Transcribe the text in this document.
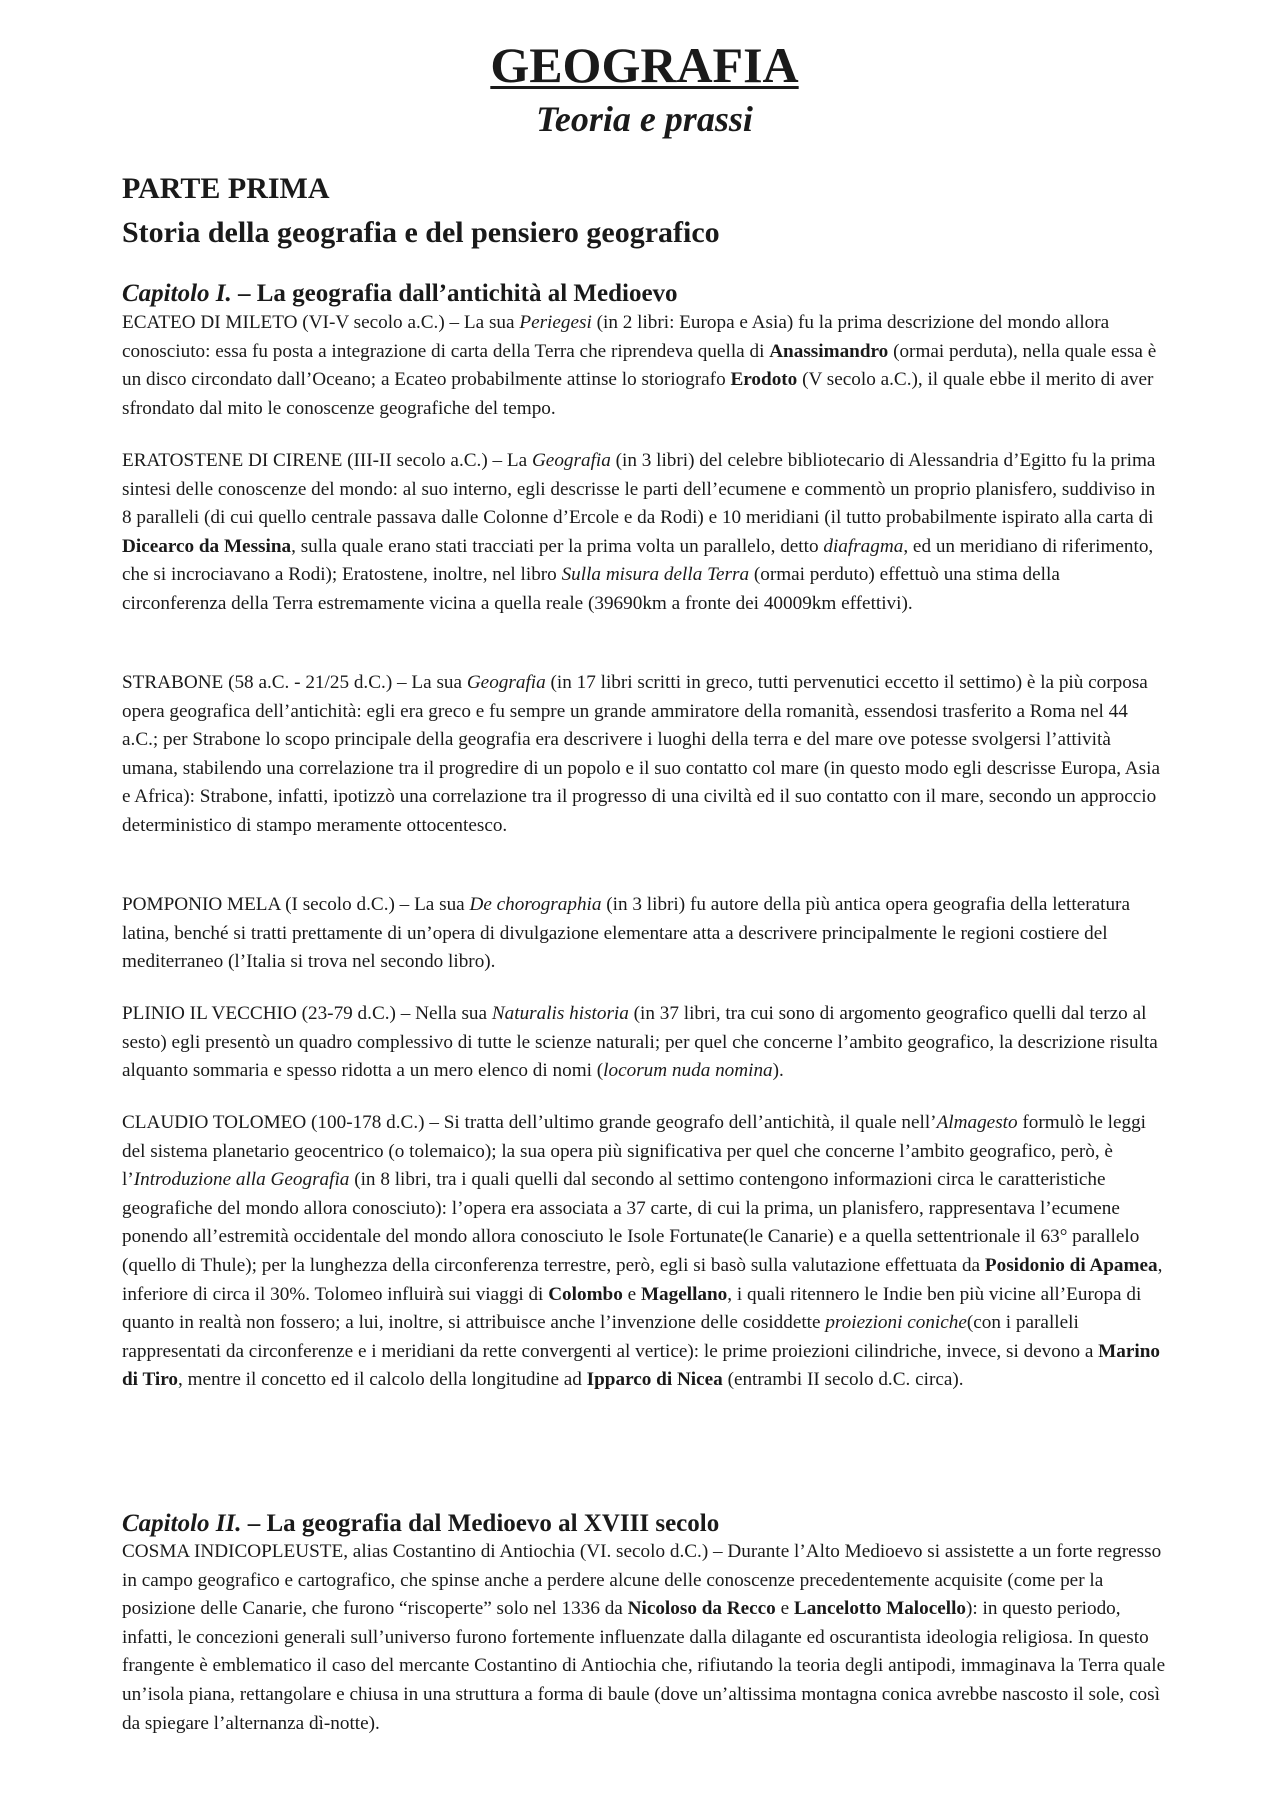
GEOGRAFIA
Teoria e prassi
PARTE PRIMA
Storia della geografia e del pensiero geografico
Capitolo I. – La geografia dall’antichità al Medioevo

ECATEO DI MILETO (VI-V secolo a.C.) – La sua Periegesi (in 2 libri: Europa e Asia) fu la prima descrizione del mondo allora conosciuto: essa fu posta a integrazione di carta della Terra che riprendeva quella di Anassimandro (ormai perduta), nella quale essa è un disco circondato dall’Oceano; a Ecateo probabilmente attinse lo storiografo Erodoto (V secolo a.C.), il quale ebbe il merito di aver sfrondato dal mito le conoscenze geografiche del tempo.

ERATOSTENE DI CIRENE (III-II secolo a.C.) – La Geografia (in 3 libri) del celebre bibliotecario di Alessandria d’Egitto fu la prima sintesi delle conoscenze del mondo: al suo interno, egli descrisse le parti dell’ecumene e commentò un proprio planisfero, suddiviso in 8 paralleli (di cui quello centrale passava dalle Colonne d’Ercole e da Rodi) e 10 meridiani (il tutto probabilmente ispirato alla carta di Dicearco da Messina, sulla quale erano stati tracciati per la prima volta un parallelo, detto diafragma, ed un meridiano di riferimento, che si incrociavano a Rodi); Eratostene, inoltre, nel libro Sulla misura della Terra (ormai perduto) effettuò una stima della circonferenza della Terra estremamente vicina a quella reale (39690km a fronte dei 40009km effettivi).

STRABONE (58 a.C. - 21/25 d.C.) – La sua Geografia (in 17 libri scritti in greco, tutti pervenutici eccetto il settimo) è la più corposa opera geografica dell’antichità: egli era greco e fu sempre un grande ammiratore della romanità, essendosi trasferito a Roma nel 44 a.C.; per Strabone lo scopo principale della geografia era descrivere i luoghi della terra e del mare ove potesse svolgersi l’attività umana, stabilendo una correlazione tra il progredire di un popolo e il suo contatto col mare (in questo modo egli descrisse Europa, Asia e Africa): Strabone, infatti, ipotizzò una correlazione tra il progresso di una civiltà ed il suo contatto con il mare, secondo un approccio deterministico di stampo meramente ottocentesco.

POMPONIO MELA (I secolo d.C.) – La sua De chorographia (in 3 libri) fu autore della più antica opera geografia della letteratura latina, benché si tratti prettamente di un’opera di divulgazione elementare atta a descrivere principalmente le regioni costiere del mediterraneo (l’Italia si trova nel secondo libro).

PLINIO IL VECCHIO (23-79 d.C.) – Nella sua Naturalis historia (in 37 libri, tra cui sono di argomento geografico quelli dal terzo al sesto) egli presentò un quadro complessivo di tutte le scienze naturali; per quel che concerne l’ambito geografico, la descrizione risulta alquanto sommaria e spesso ridotta a un mero elenco di nomi (locorum nuda nomina).

CLAUDIO TOLOMEO (100-178 d.C.) – Si tratta dell’ultimo grande geografo dell’antichità, il quale nell’Almagesto formulò le leggi del sistema planetario geocentrico (o tolemaico); la sua opera più significativa per quel che concerne l’ambito geografico, però, è l’Introduzione alla Geografia (in 8 libri, tra i quali quelli dal secondo al settimo contengono informazioni circa le caratteristiche geografiche del mondo allora conosciuto): l’opera era associata a 37 carte, di cui la prima, un planisfero, rappresentava l’ecumene ponendo all’estremità occidentale del mondo allora conosciuto le Isole Fortunate(le Canarie) e a quella settentrionale il 63° parallelo (quello di Thule); per la lunghezza della circonferenza terrestre, però, egli si basò sulla valutazione effettuata da Posidonio di Apamea, inferiore di circa il 30%. Tolomeo influirà sui viaggi di Colombo e Magellano, i quali ritennero le Indie ben più vicine all’Europa di quanto in realtà non fossero; a lui, inoltre, si attribuisce anche l’invenzione delle cosiddette proiezioni coniche(con i paralleli rappresentati da circonferenze e i meridiani da rette convergenti al vertice): le prime proiezioni cilindriche, invece, si devono a Marino di Tiro, mentre il concetto ed il calcolo della longitudine ad Ipparco di Nicea (entrambi II secolo d.C. circa).

Capitolo II. – La geografia dal Medioevo al XVIII secolo

COSMA INDICOPLEUSTE, alias Costantino di Antiochia (VI. secolo d.C.) – Durante l’Alto Medioevo si assistette a un forte regresso in campo geografico e cartografico, che spinse anche a perdere alcune delle conoscenze precedentemente acquisite (come per la posizione delle Canarie, che furono “riscoperte” solo nel 1336 da Nicoloso da Recco e Lancelotto Malocello): in questo periodo, infatti, le concezioni generali sull’universo furono fortemente influenzate dalla dilagante ed oscurantista ideologia religiosa. In questo frangente è emblematico il caso del mercante Costantino di Antiochia che, rifiutando la teoria degli antipodi, immaginava la Terra quale un’isola piana, rettangolare e chiusa in una struttura a forma di baule (dove un’altissima montagna conica avrebbe nascosto il sole, così da spiegare l’alternanza dì-notte).
